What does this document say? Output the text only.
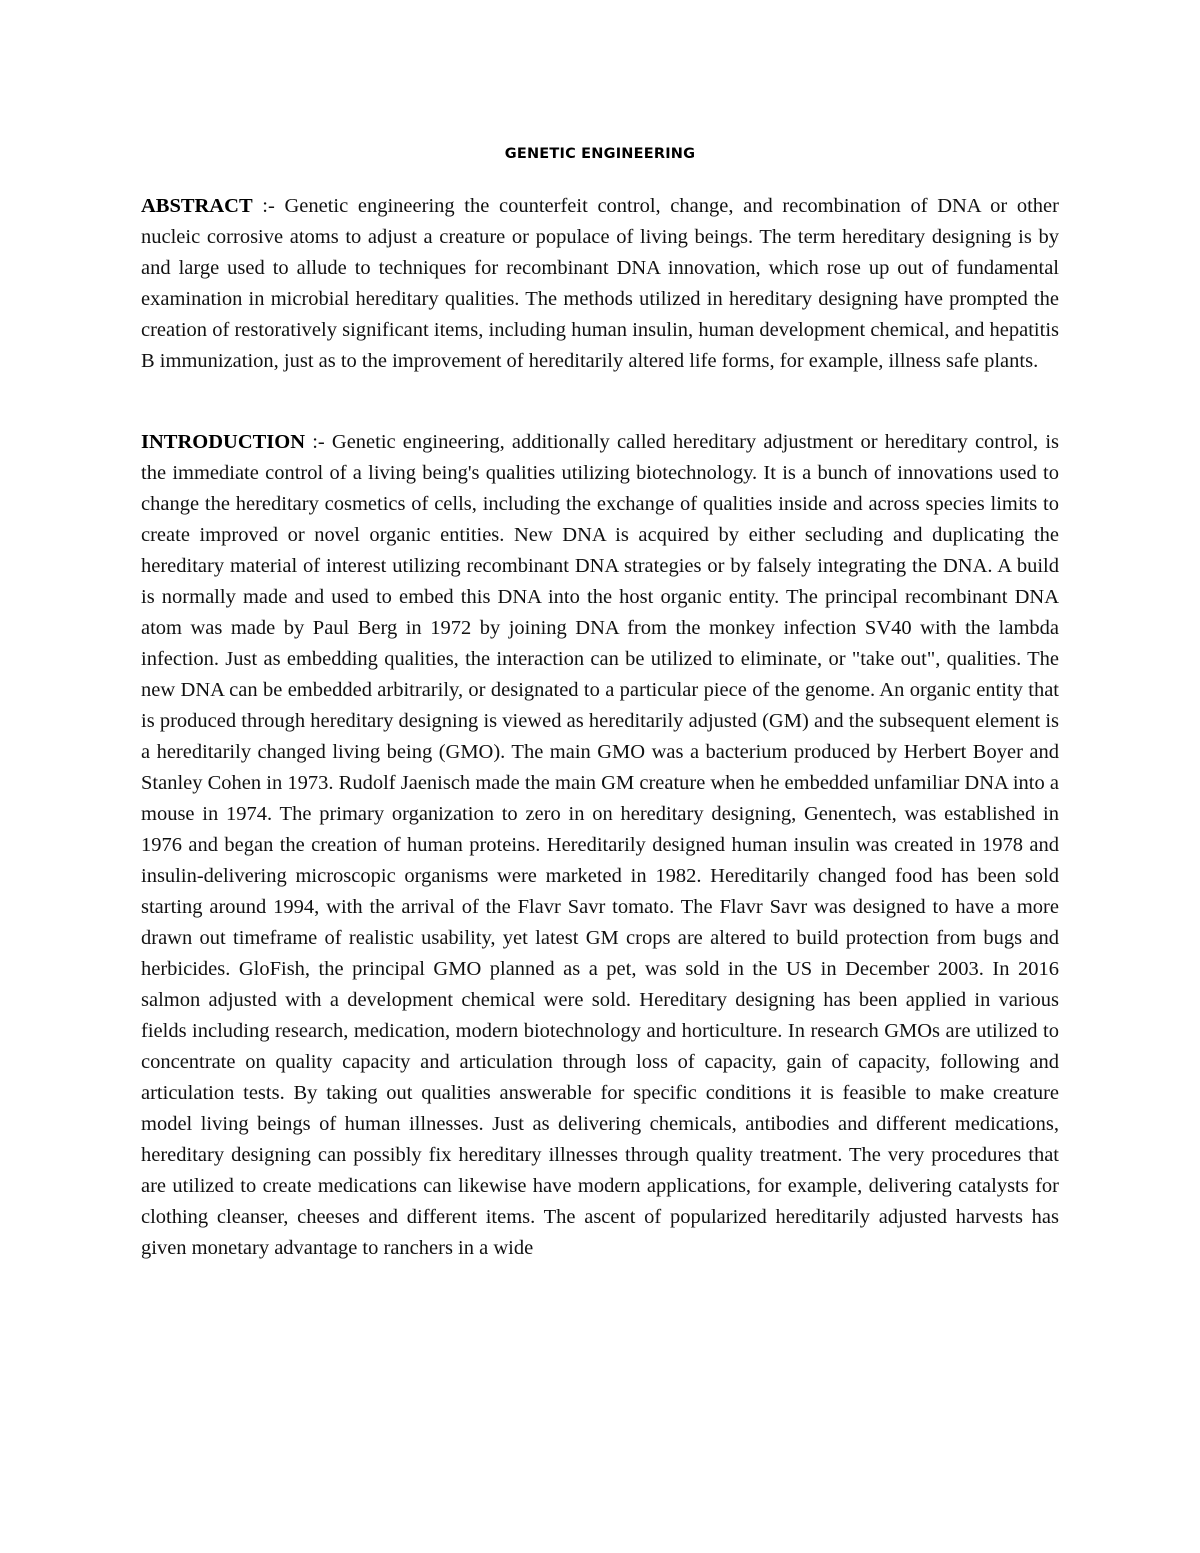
GENETIC ENGINEERING

ABSTRACT :- Genetic engineering the counterfeit control, change, and recombination of DNA or other nucleic corrosive atoms to adjust a creature or populace of living beings. The term hereditary designing is by and large used to allude to techniques for recombinant DNA innovation, which rose up out of fundamental examination in microbial hereditary qualities. The methods utilized in hereditary designing have prompted the creation of restoratively significant items, including human insulin, human development chemical, and hepatitis B immunization, just as to the improvement of hereditarily altered life forms, for example, illness safe plants.

INTRODUCTION :- Genetic engineering, additionally called hereditary adjustment or hereditary control, is the immediate control of a living being's qualities utilizing biotechnology. It is a bunch of innovations used to change the hereditary cosmetics of cells, including the exchange of qualities inside and across species limits to create improved or novel organic entities. New DNA is acquired by either secluding and duplicating the hereditary material of interest utilizing recombinant DNA strategies or by falsely integrating the DNA. A build is normally made and used to embed this DNA into the host organic entity. The principal recombinant DNA atom was made by Paul Berg in 1972 by joining DNA from the monkey infection SV40 with the lambda infection. Just as embedding qualities, the interaction can be utilized to eliminate, or "take out", qualities. The new DNA can be embedded arbitrarily, or designated to a particular piece of the genome. An organic entity that is produced through hereditary designing is viewed as hereditarily adjusted (GM) and the subsequent element is a hereditarily changed living being (GMO). The main GMO was a bacterium produced by Herbert Boyer and Stanley Cohen in 1973. Rudolf Jaenisch made the main GM creature when he embedded unfamiliar DNA into a mouse in 1974. The primary organization to zero in on hereditary designing, Genentech, was established in 1976 and began the creation of human proteins. Hereditarily designed human insulin was created in 1978 and insulin-delivering microscopic organisms were marketed in 1982. Hereditarily changed food has been sold starting around 1994, with the arrival of the Flavr Savr tomato. The Flavr Savr was designed to have a more drawn out timeframe of realistic usability, yet latest GM crops are altered to build protection from bugs and herbicides. GloFish, the principal GMO planned as a pet, was sold in the US in December 2003. In 2016 salmon adjusted with a development chemical were sold. Hereditary designing has been applied in various fields including research, medication, modern biotechnology and horticulture. In research GMOs are utilized to concentrate on quality capacity and articulation through loss of capacity, gain of capacity, following and articulation tests. By taking out qualities answerable for specific conditions it is feasible to make creature model living beings of human illnesses. Just as delivering chemicals, antibodies and different medications, hereditary designing can possibly fix hereditary illnesses through quality treatment. The very procedures that are utilized to create medications can likewise have modern applications, for example, delivering catalysts for clothing cleanser, cheeses and different items. The ascent of popularized hereditarily adjusted harvests has given monetary advantage to ranchers in a wide
